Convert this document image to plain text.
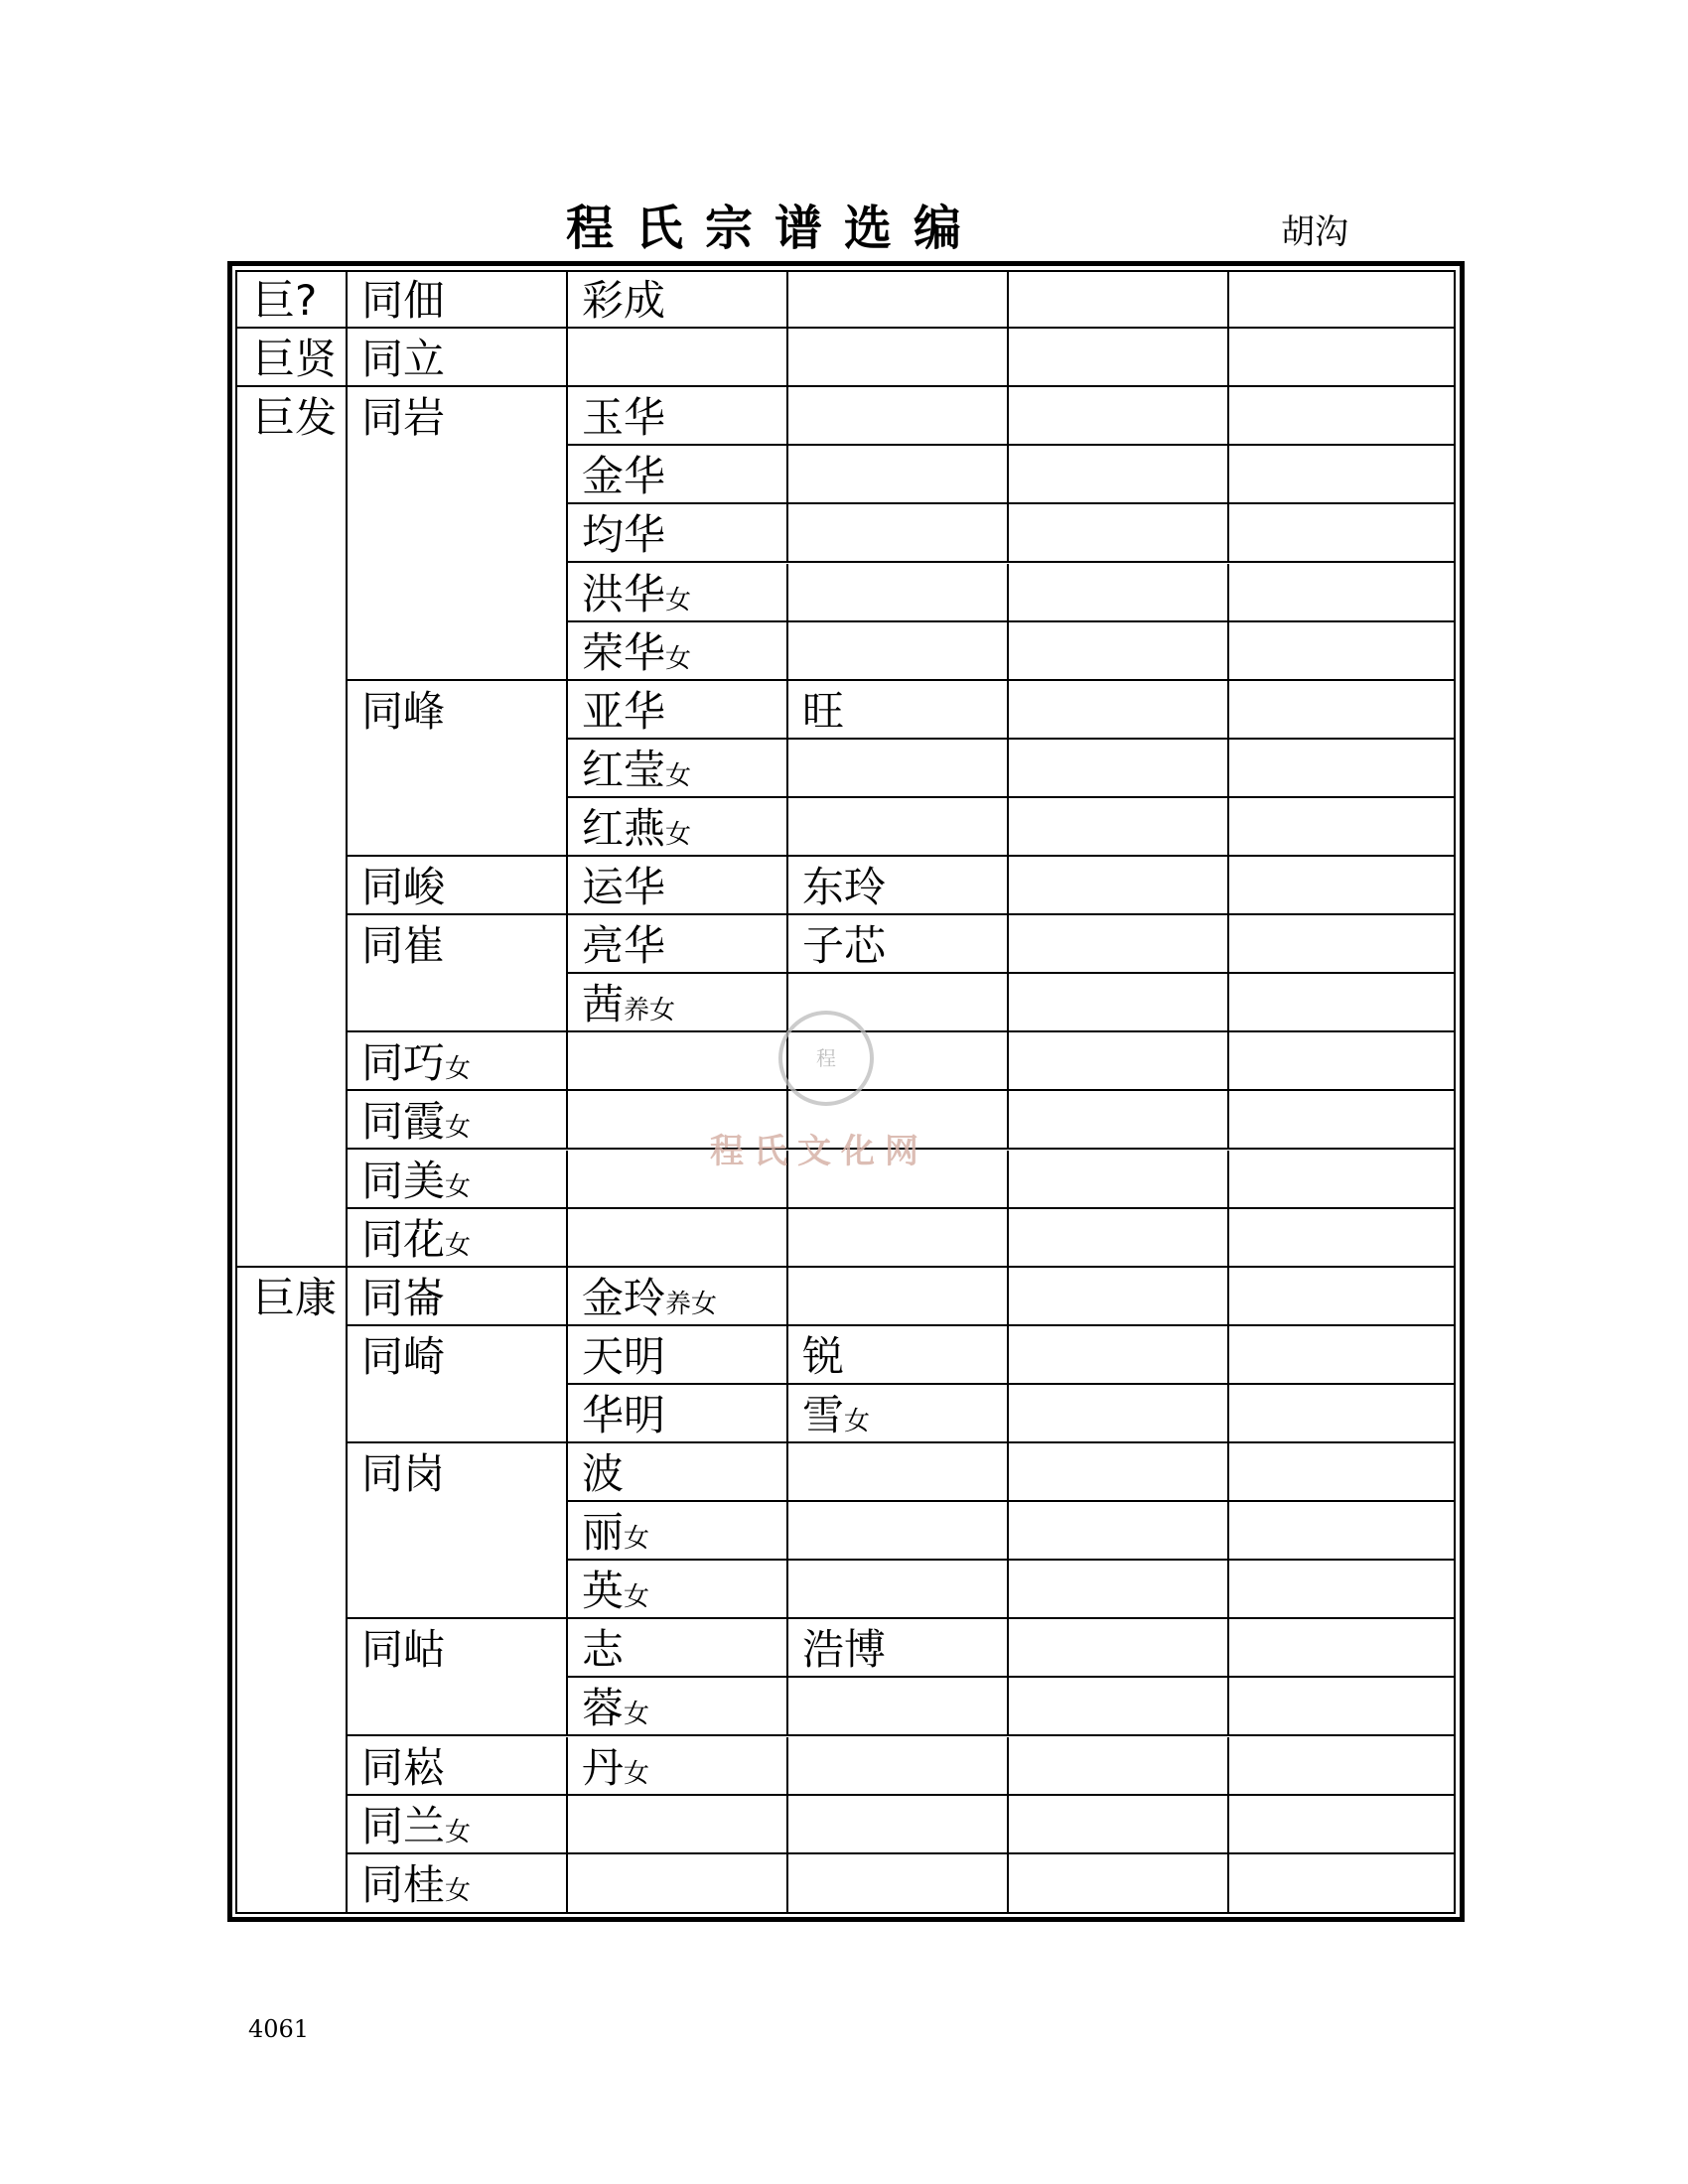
程氏宗谱选编	胡沟
巨?
巨贤
巨发
巨康
同佃
同立
同岩
同峰
同峻
同崔
同巧女
同霞女
同美女
同花女
同崙
同崎
同岗
同岵
同崧
同兰女
同桂女
彩成
玉华
金华
均华
洪华女
荣华女
亚华
红莹女
红燕女
运华
亮华
茜养女
金玲养女
天明
华明
波
丽女
英女
志
蓉女
丹女
旺
东玲
子芯
锐
雪女
浩博
程
程氏文化网
4061
